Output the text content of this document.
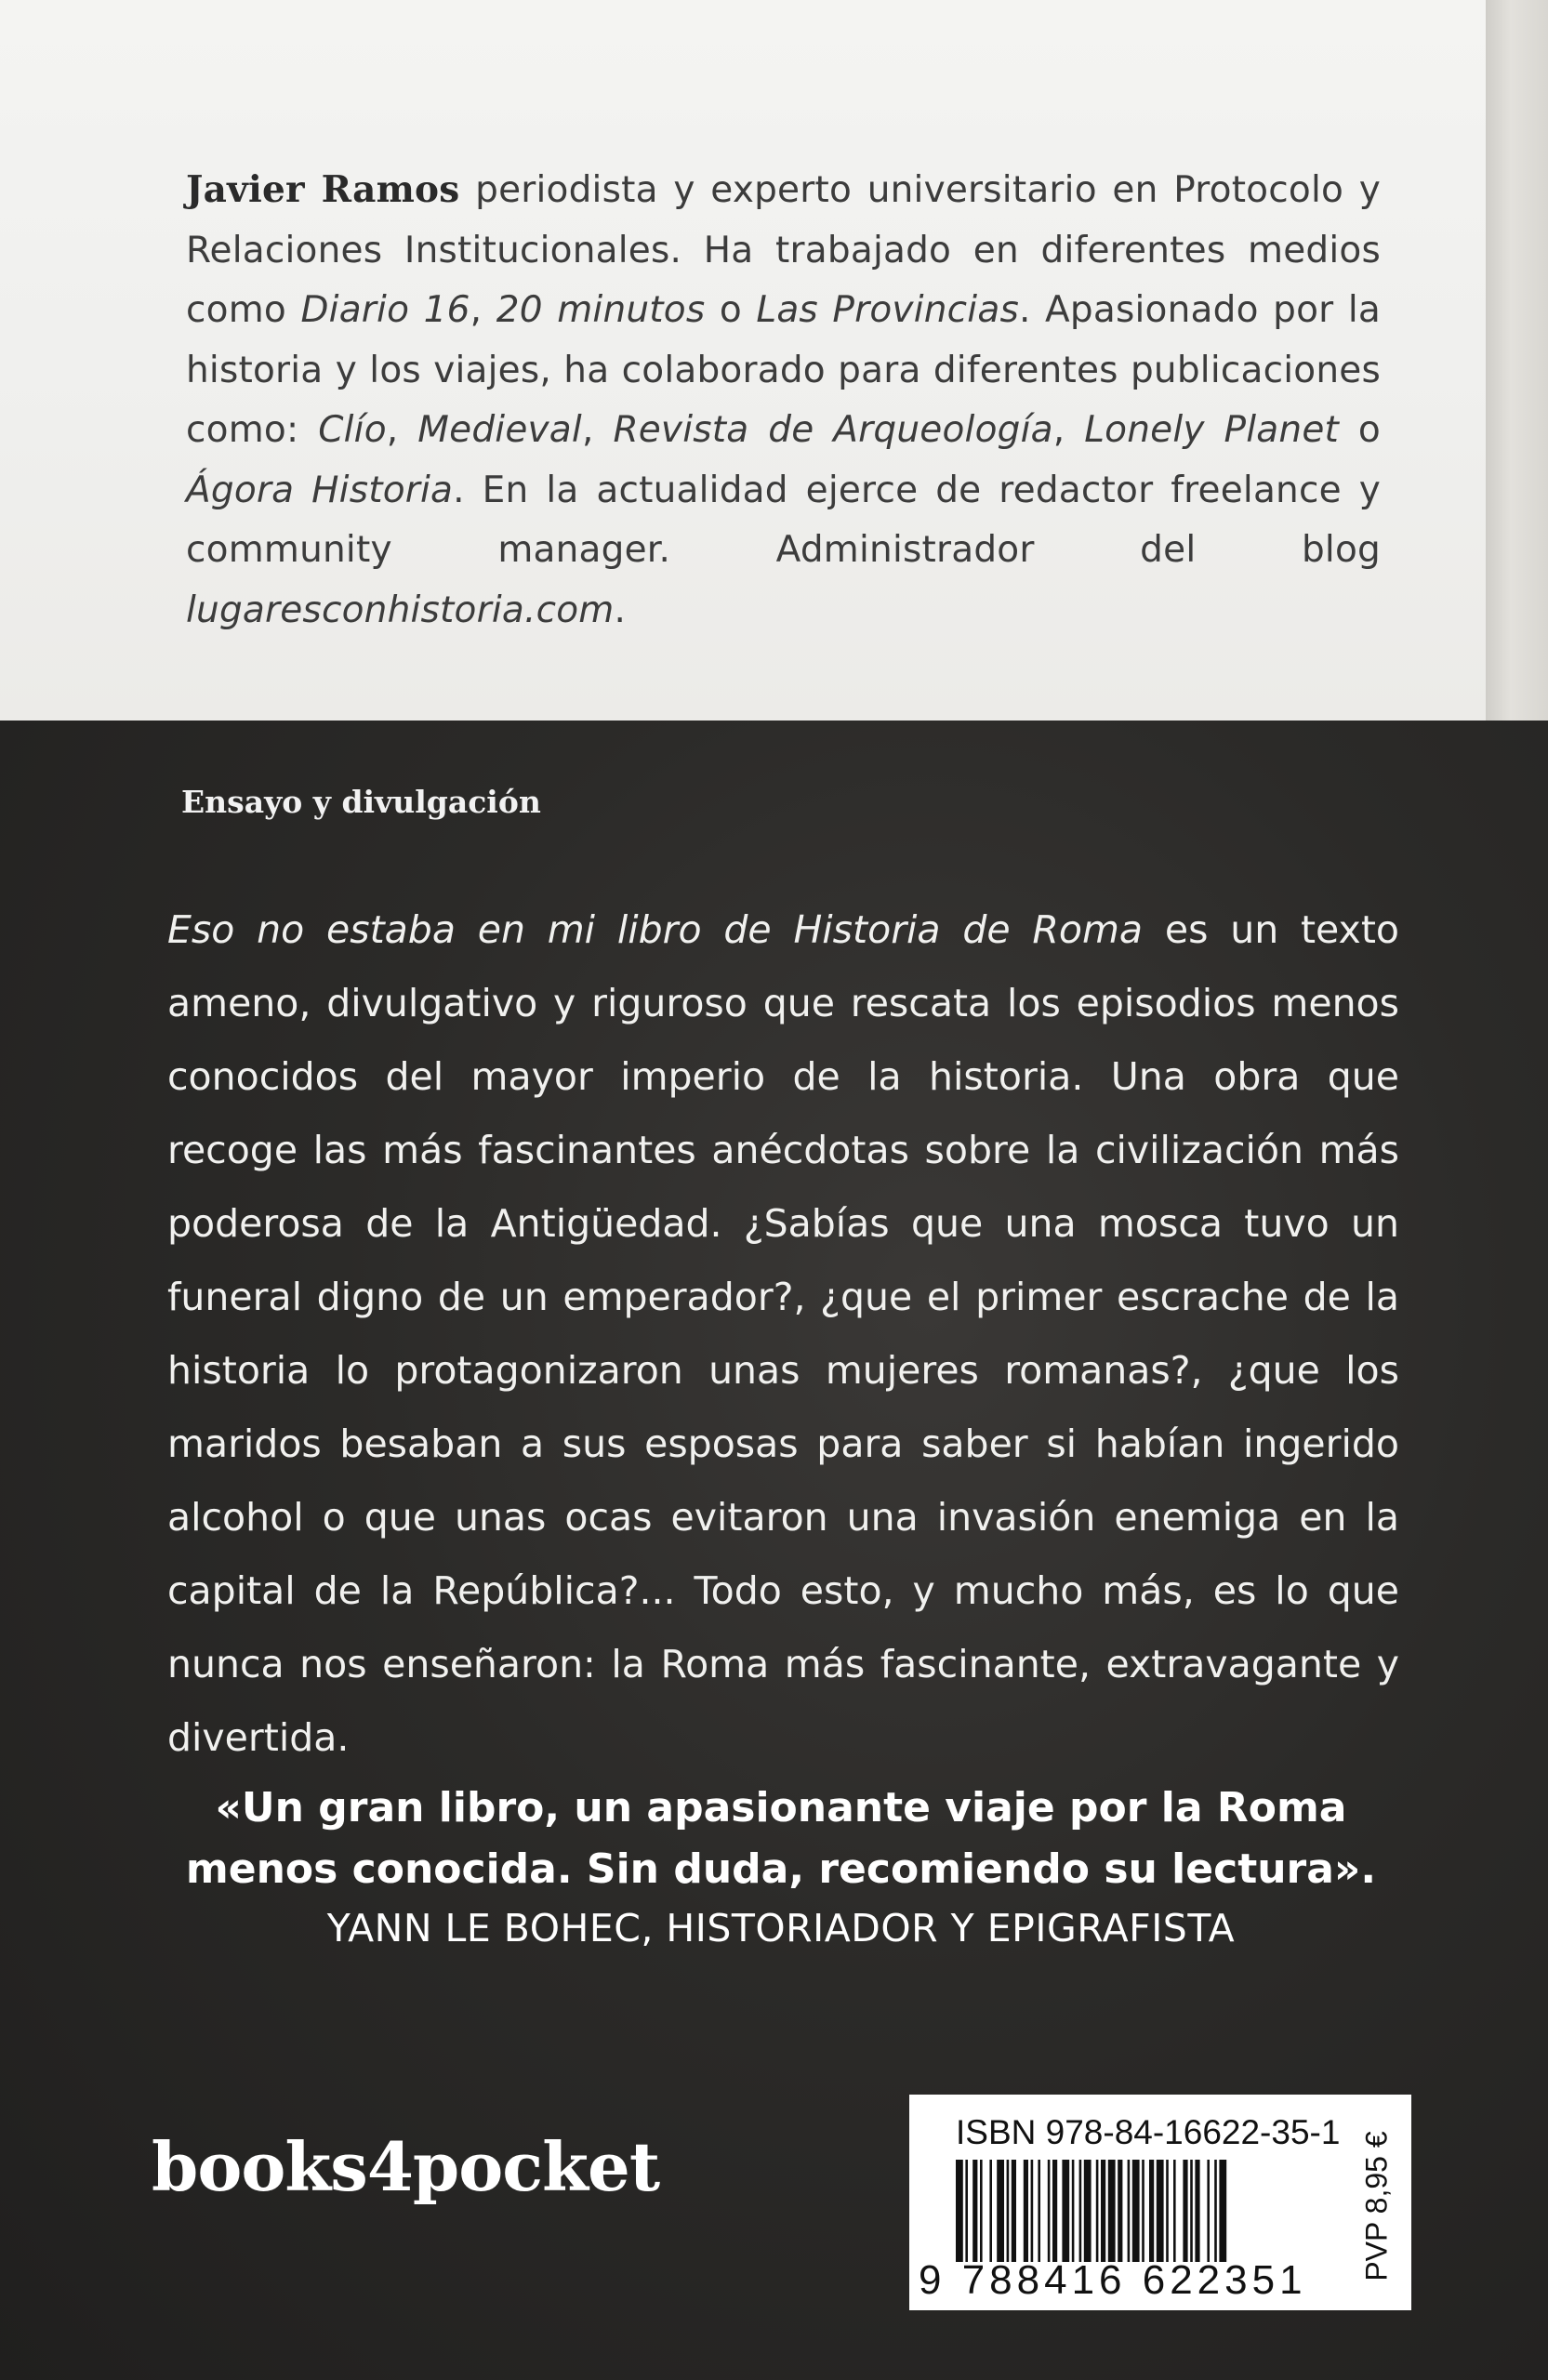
Javier Ramos periodista y experto universitario en Protocolo y Relaciones Institucionales. Ha trabajado en diferentes medios como Diario 16, 20 minutos o Las Provincias. Apasionado por la historia y los viajes, ha colaborado para diferentes publicaciones como: Clío, Medieval, Revista de Arqueología, Lonely Planet o Ágora Historia. En la actualidad ejerce de redactor freelance y community manager. Administrador del blog lugaresconhistoria.com.
Ensayo y divulgación
Eso no estaba en mi libro de Historia de Roma es un texto ameno, divulgativo y riguroso que rescata los episodios menos conocidos del mayor imperio de la historia. Una obra que recoge las más fascinantes anécdotas sobre la civilización más poderosa de la Antigüedad. ¿Sabías que una mosca tuvo un funeral digno de un emperador?, ¿que el primer escrache de la historia lo protagonizaron unas mujeres romanas?, ¿que los maridos besaban a sus esposas para saber si habían ingerido alcohol o que unas ocas evitaron una invasión enemiga en la capital de la República?... Todo esto, y mucho más, es lo que nunca nos enseñaron: la Roma más fascinante, extravagante y divertida.
«Un gran libro, un apasionante viaje por la Roma menos conocida. Sin duda, recomiendo su lectura».
YANN LE BOHEC, HISTORIADOR Y EPIGRAFISTA
books4pocket	ISBN 978-84-16622-35-1
9 788416 622351	PVP 8,95 €
